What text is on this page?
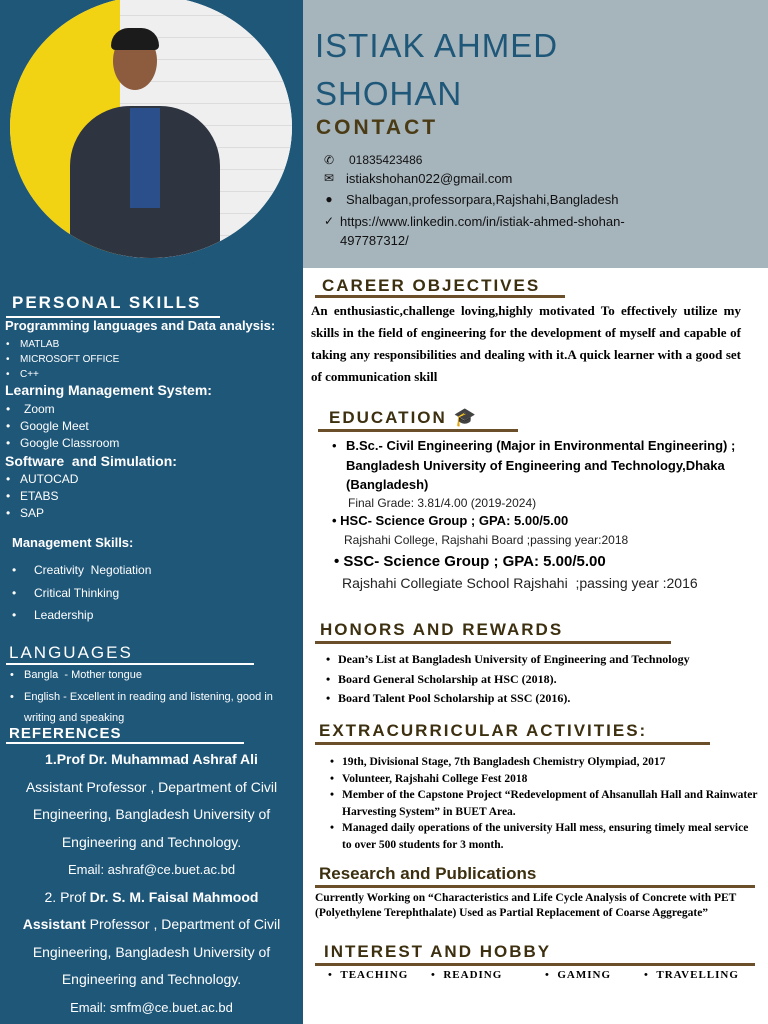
PERSONAL SKILLS
Programming languages and Data analysis:
• MATLAB
• MICROSOFT OFFICE
• C++
Learning Management System:
• Zoom
• Google Meet
• Google Classroom
Software  and Simulation:
• AUTOCAD
• ETABS
• SAP
Management Skills:
• Creativity  Negotiation
• Critical Thinking
• Leadership
LANGUAGES
• Bangla  - Mother tongue
• English - Excellent in reading and listening, good in writing and speaking
REFERENCES
1.Prof Dr. Muhammad Ashraf Ali
Assistant Professor , Department of Civil
Engineering, Bangladesh University of
Engineering and Technology.
Email: ashraf@ce.buet.ac.bd
2. Prof Dr. S. M. Faisal Mahmood
Assistant Professor , Department of Civil
Engineering, Bangladesh University of
Engineering and Technology.
Email: smfm@ce.buet.ac.bd
ISTIAK AHMED
SHOHAN
CONTACT
✆	01835423486
✉ istiakshohan022@gmail.com
●	Shalbagan,professorpara,Rajshahi,Bangladesh
✓ https://www.linkedin.com/in/istiak-ahmed-shohan-
497787312/
CAREER OBJECTIVES
An enthusiastic,challenge loving,highly motivated To effectively utilize my skills in the field of engineering for the development of myself and capable of taking any responsibilities and dealing with it.A quick learner with a good set of communication skill
EDUCATION 🎓
• B.Sc.- Civil Engineering (Major in Environmental Engineering) ; Bangladesh University of Engineering and Technology,Dhaka (Bangladesh)
Final Grade: 3.81/4.00 (2019-2024)
• HSC- Science Group ; GPA: 5.00/5.00
Rajshahi College, Rajshahi Board ;passing year:2018
• SSC- Science Group ; GPA: 5.00/5.00
Rajshahi Collegiate School Rajshahi  ;passing year :2016
HONORS AND REWARDS
• Dean’s List at Bangladesh University of Engineering and Technology
• Board General Scholarship at HSC (2018).
• Board Talent Pool Scholarship at SSC (2016).
EXTRACURRICULAR ACTIVITIES:
• 19th, Divisional Stage, 7th Bangladesh Chemistry Olympiad, 2017
• Volunteer, Rajshahi College Fest 2018
• Member of the Capstone Project “Redevelopment of Ahsanullah Hall and Rainwater Harvesting System” in BUET Area.
• Managed daily operations of the university Hall mess, ensuring timely meal service to over 500 students for 3 month.
Research and Publications
Currently Working on “Characteristics and Life Cycle Analysis of Concrete with PET (Polyethylene Terephthalate) Used as Partial Replacement of Coarse Aggregate”
INTEREST AND HOBBY
•  TEACHING •  READING	•  GAMING	•  TRAVELLING
